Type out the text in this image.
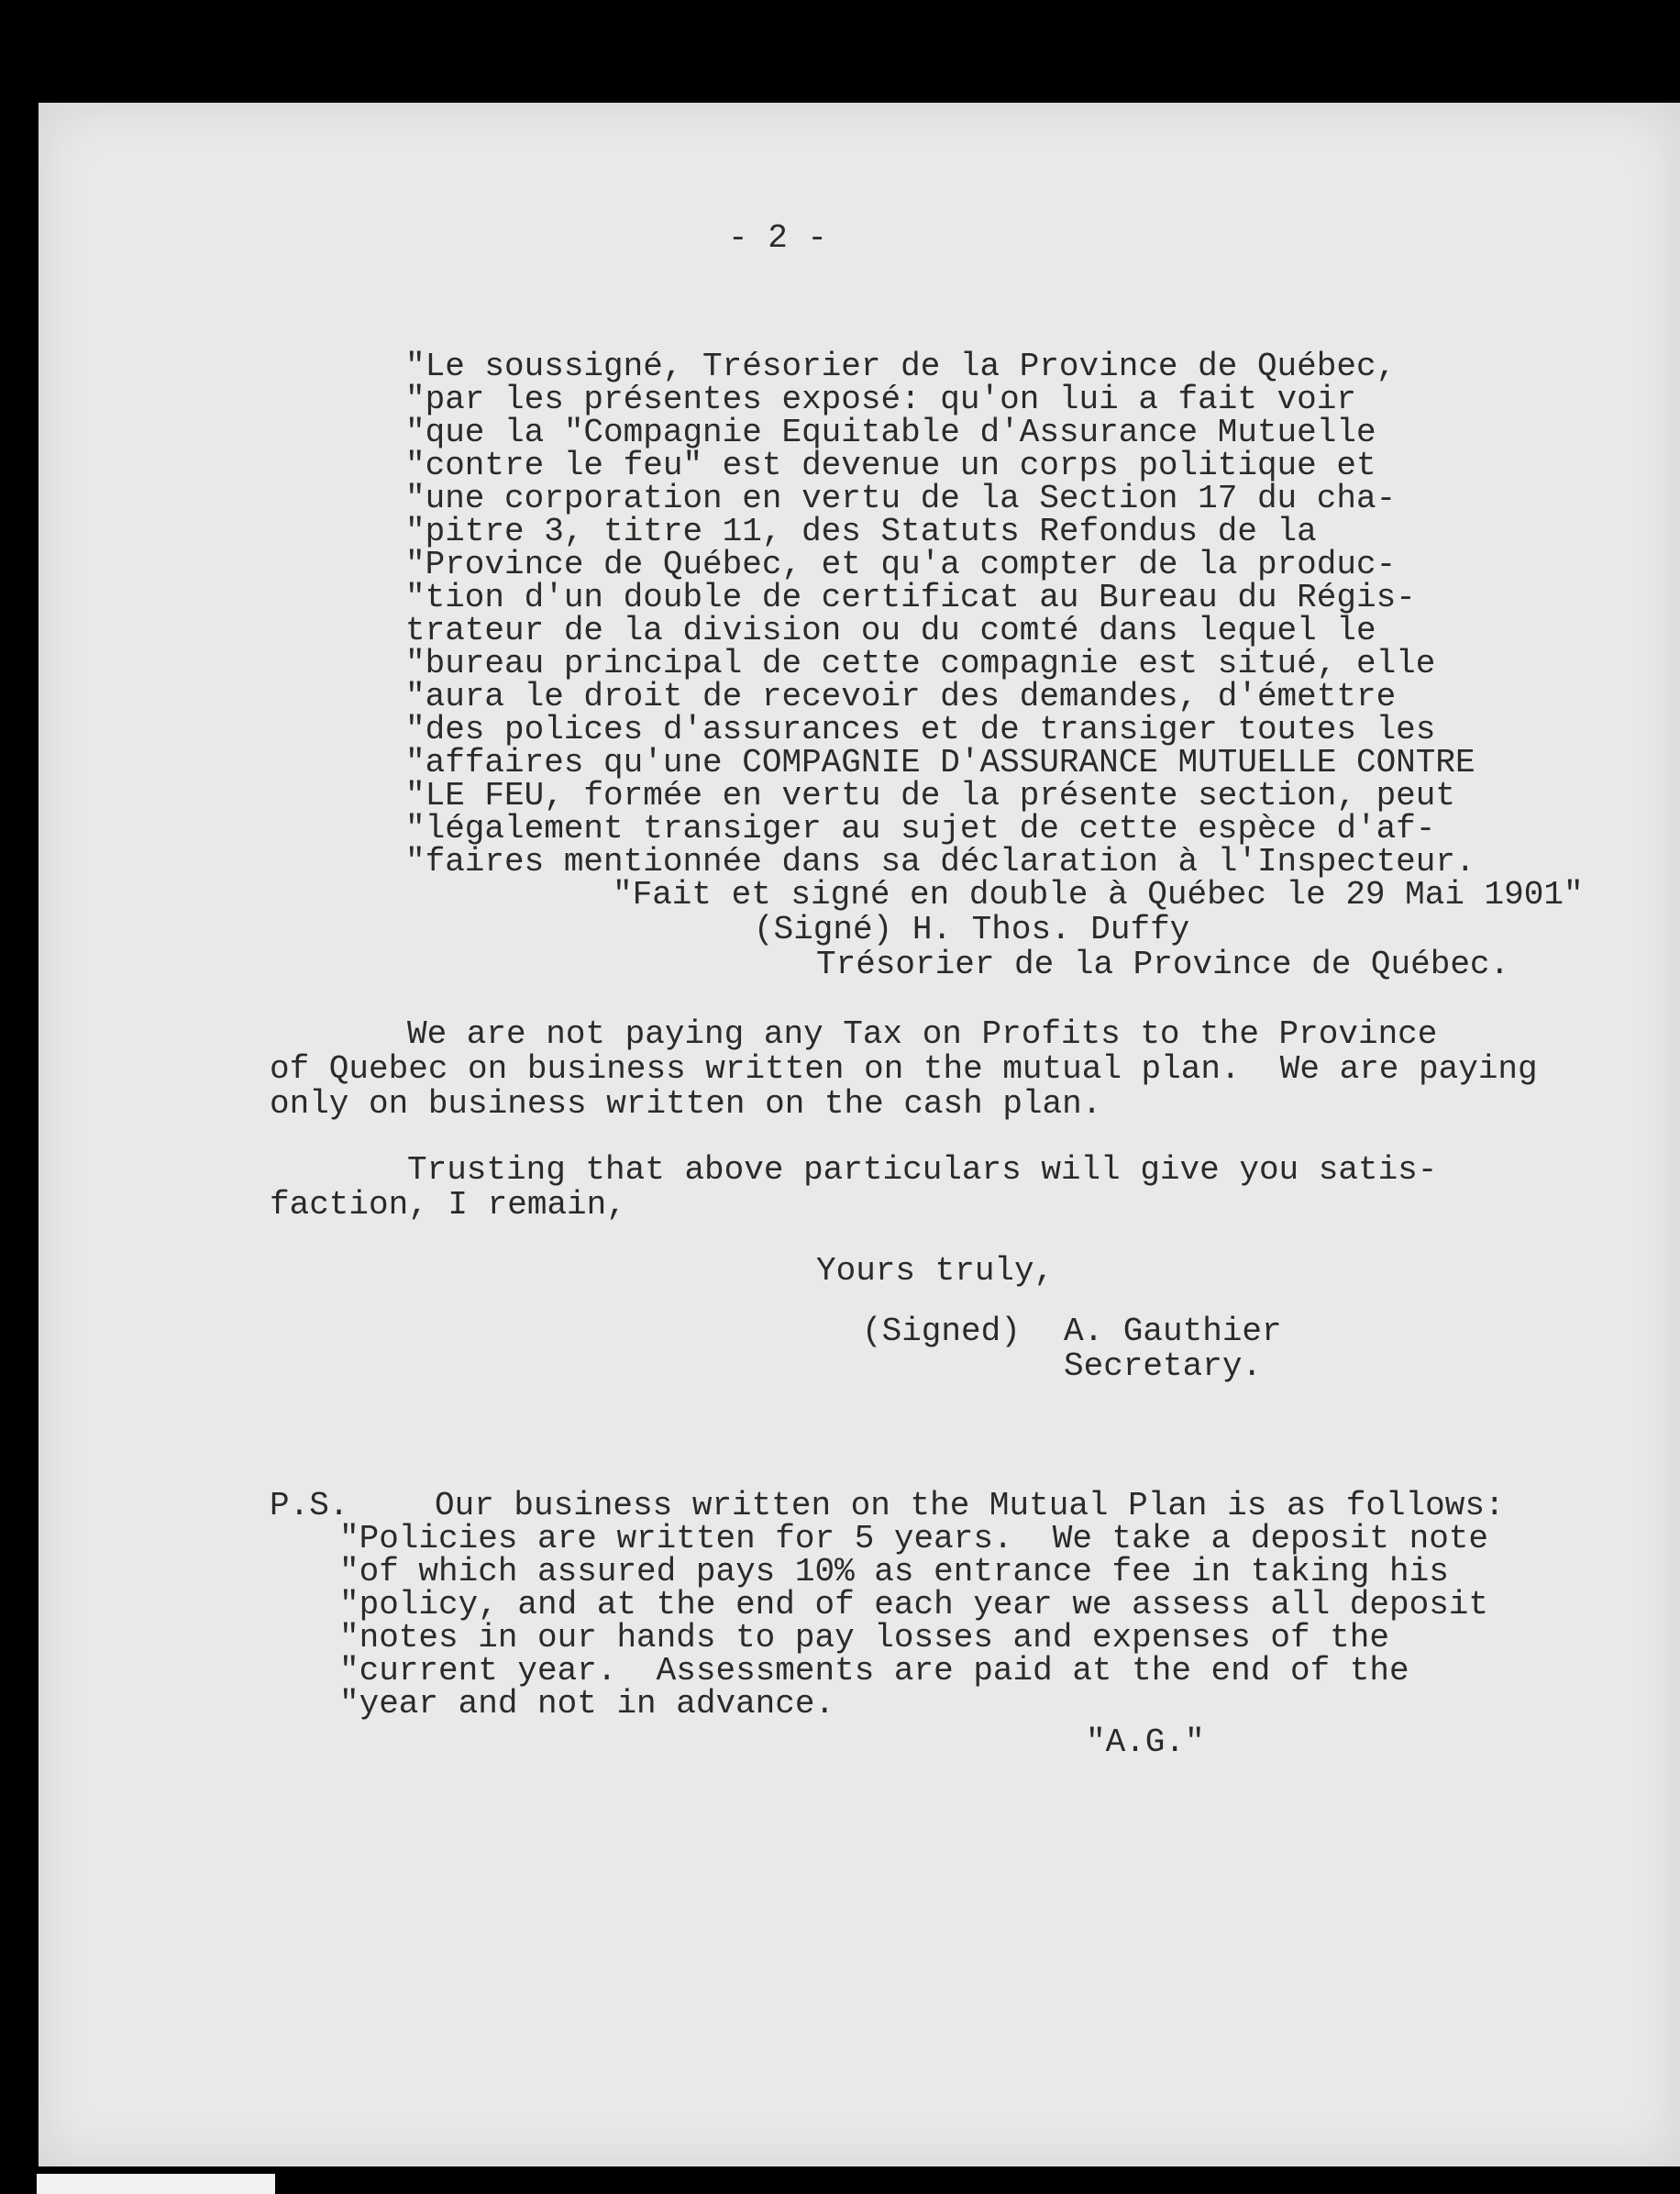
- 2 -
"Le soussigné, Trésorier de la Province de Québec,
"par les présentes exposé: qu'on lui a fait voir
"que la "Compagnie Equitable d'Assurance Mutuelle
"contre le feu" est devenue un corps politique et
"une corporation en vertu de la Section 17 du cha-
"pitre 3, titre 11, des Statuts Refondus de la
"Province de Québec, et qu'a compter de la produc-
"tion d'un double de certificat au Bureau du Régis-
trateur de la division ou du comté dans lequel le
"bureau principal de cette compagnie est situé, elle
"aura le droit de recevoir des demandes, d'émettre
"des polices d'assurances et de transiger toutes les
"affaires qu'une COMPAGNIE D'ASSURANCE MUTUELLE CONTRE
"LE FEU, formée en vertu de la présente section, peut
"légalement transiger au sujet de cette espèce d'af-
"faires mentionnée dans sa déclaration à l'Inspecteur.
"Fait et signé en double à Québec le 29 Mai 1901"
(Signé) H. Thos. Duffy
Trésorier de la Province de Québec.
We are not paying any Tax on Profits to the Province
of Quebec on business written on the mutual plan.  We are paying
only on business written on the cash plan.
Trusting that above particulars will give you satis-
faction, I remain,
Yours truly,
(Signed) A. Gauthier
Secretary.
P.S.	Our business written on the Mutual Plan is as follows:
"Policies are written for 5 years.  We take a deposit note
"of which assured pays 10% as entrance fee in taking his
"policy, and at the end of each year we assess all deposit
"notes in our hands to pay losses and expenses of the
"current year.  Assessments are paid at the end of the
"year and not in advance.
"A.G."
